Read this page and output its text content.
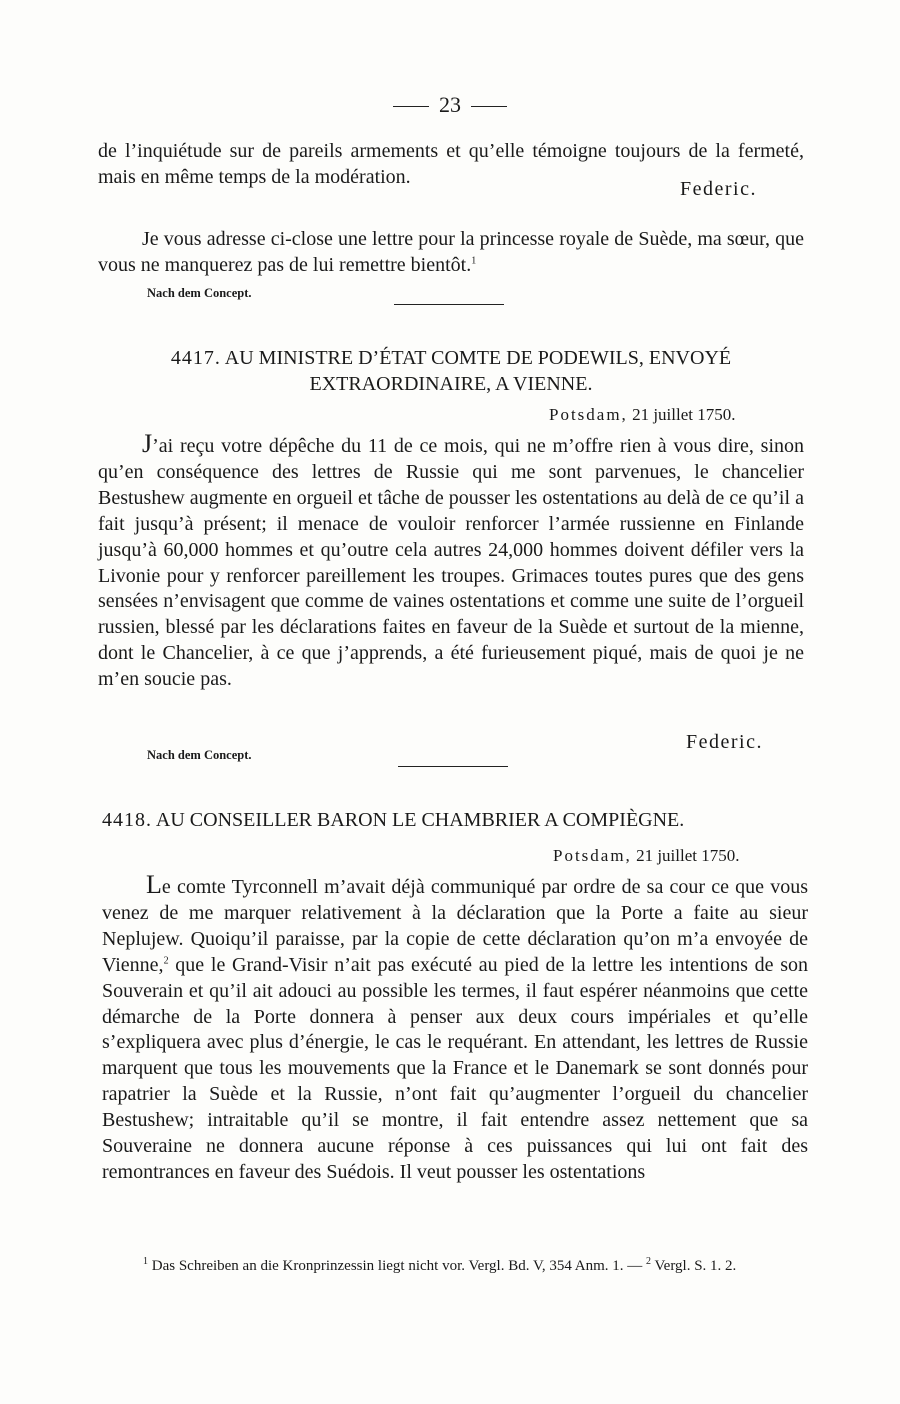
23
de l’inquiétude sur de pareils armements et qu’elle témoigne toujours de la fermeté, mais en même temps de la modération.
Federic.
Je vous adresse ci-close une lettre pour la princesse royale de Suède, ma sœur, que vous ne manquerez pas de lui remettre bientôt.$^1$
Nach dem Concept.
4417. AU MINISTRE D’ÉTAT COMTE DE PODEWILS, ENVOYÉ
EXTRAORDINAIRE, A VIENNE.
Potsdam, 21 juillet 1750.
J’ai reçu votre dépêche du 11 de ce mois, qui ne m’offre rien à vous dire, sinon qu’en conséquence des lettres de Russie qui me sont parvenues, le chancelier Bestushew augmente en orgueil et tâche de pousser les ostentations au delà de ce qu’il a fait jusqu’à présent; il menace de vouloir renforcer l’armée russienne en Finlande jusqu’à 60,000 hommes et qu’outre cela autres 24,000 hommes doivent défiler vers la Livonie pour y renforcer pareillement les troupes. Grimaces toutes pures que des gens sensées n’envisagent que comme de vaines ostentations et comme une suite de l’orgueil russien, blessé par les déclarations faites en faveur de la Suède et surtout de la mienne, dont le Chancelier, à ce que j’apprends, a été furieusement piqué, mais de quoi je ne m’en soucie pas.
Federic.
Nach dem Concept.
4418. AU CONSEILLER BARON LE CHAMBRIER A COMPIÈGNE.
Potsdam, 21 juillet 1750.
Le comte Tyrconnell m’avait déjà communiqué par ordre de sa cour ce que vous venez de me marquer relativement à la déclaration que la Porte a faite au sieur Neplujew. Quoiqu’il paraisse, par la copie de cette déclaration qu’on m’a envoyée de Vienne,$^2$ que le Grand-Visir n’ait pas exécuté au pied de la lettre les intentions de son Souverain et qu’il ait adouci au possible les termes, il faut espérer néanmoins que cette démarche de la Porte donnera à penser aux deux cours impériales et qu’elle s’expliquera avec plus d’énergie, le cas le requérant. En attendant, les lettres de Russie marquent que tous les mouvements que la France et le Danemark se sont donnés pour rapatrier la Suède et la Russie, n’ont fait qu’augmenter l’orgueil du chancelier Bestushew; intraitable qu’il se montre, il fait entendre assez nettement que sa Souveraine ne donnera aucune réponse à ces puissances qui lui ont fait des remontrances en faveur des Suédois. Il veut pousser les ostentations
$^1$ Das Schreiben an die Kronprinzessin liegt nicht vor. Vergl. Bd. V, 354 Anm. 1. — $^2$ Vergl. S. 1. 2.
